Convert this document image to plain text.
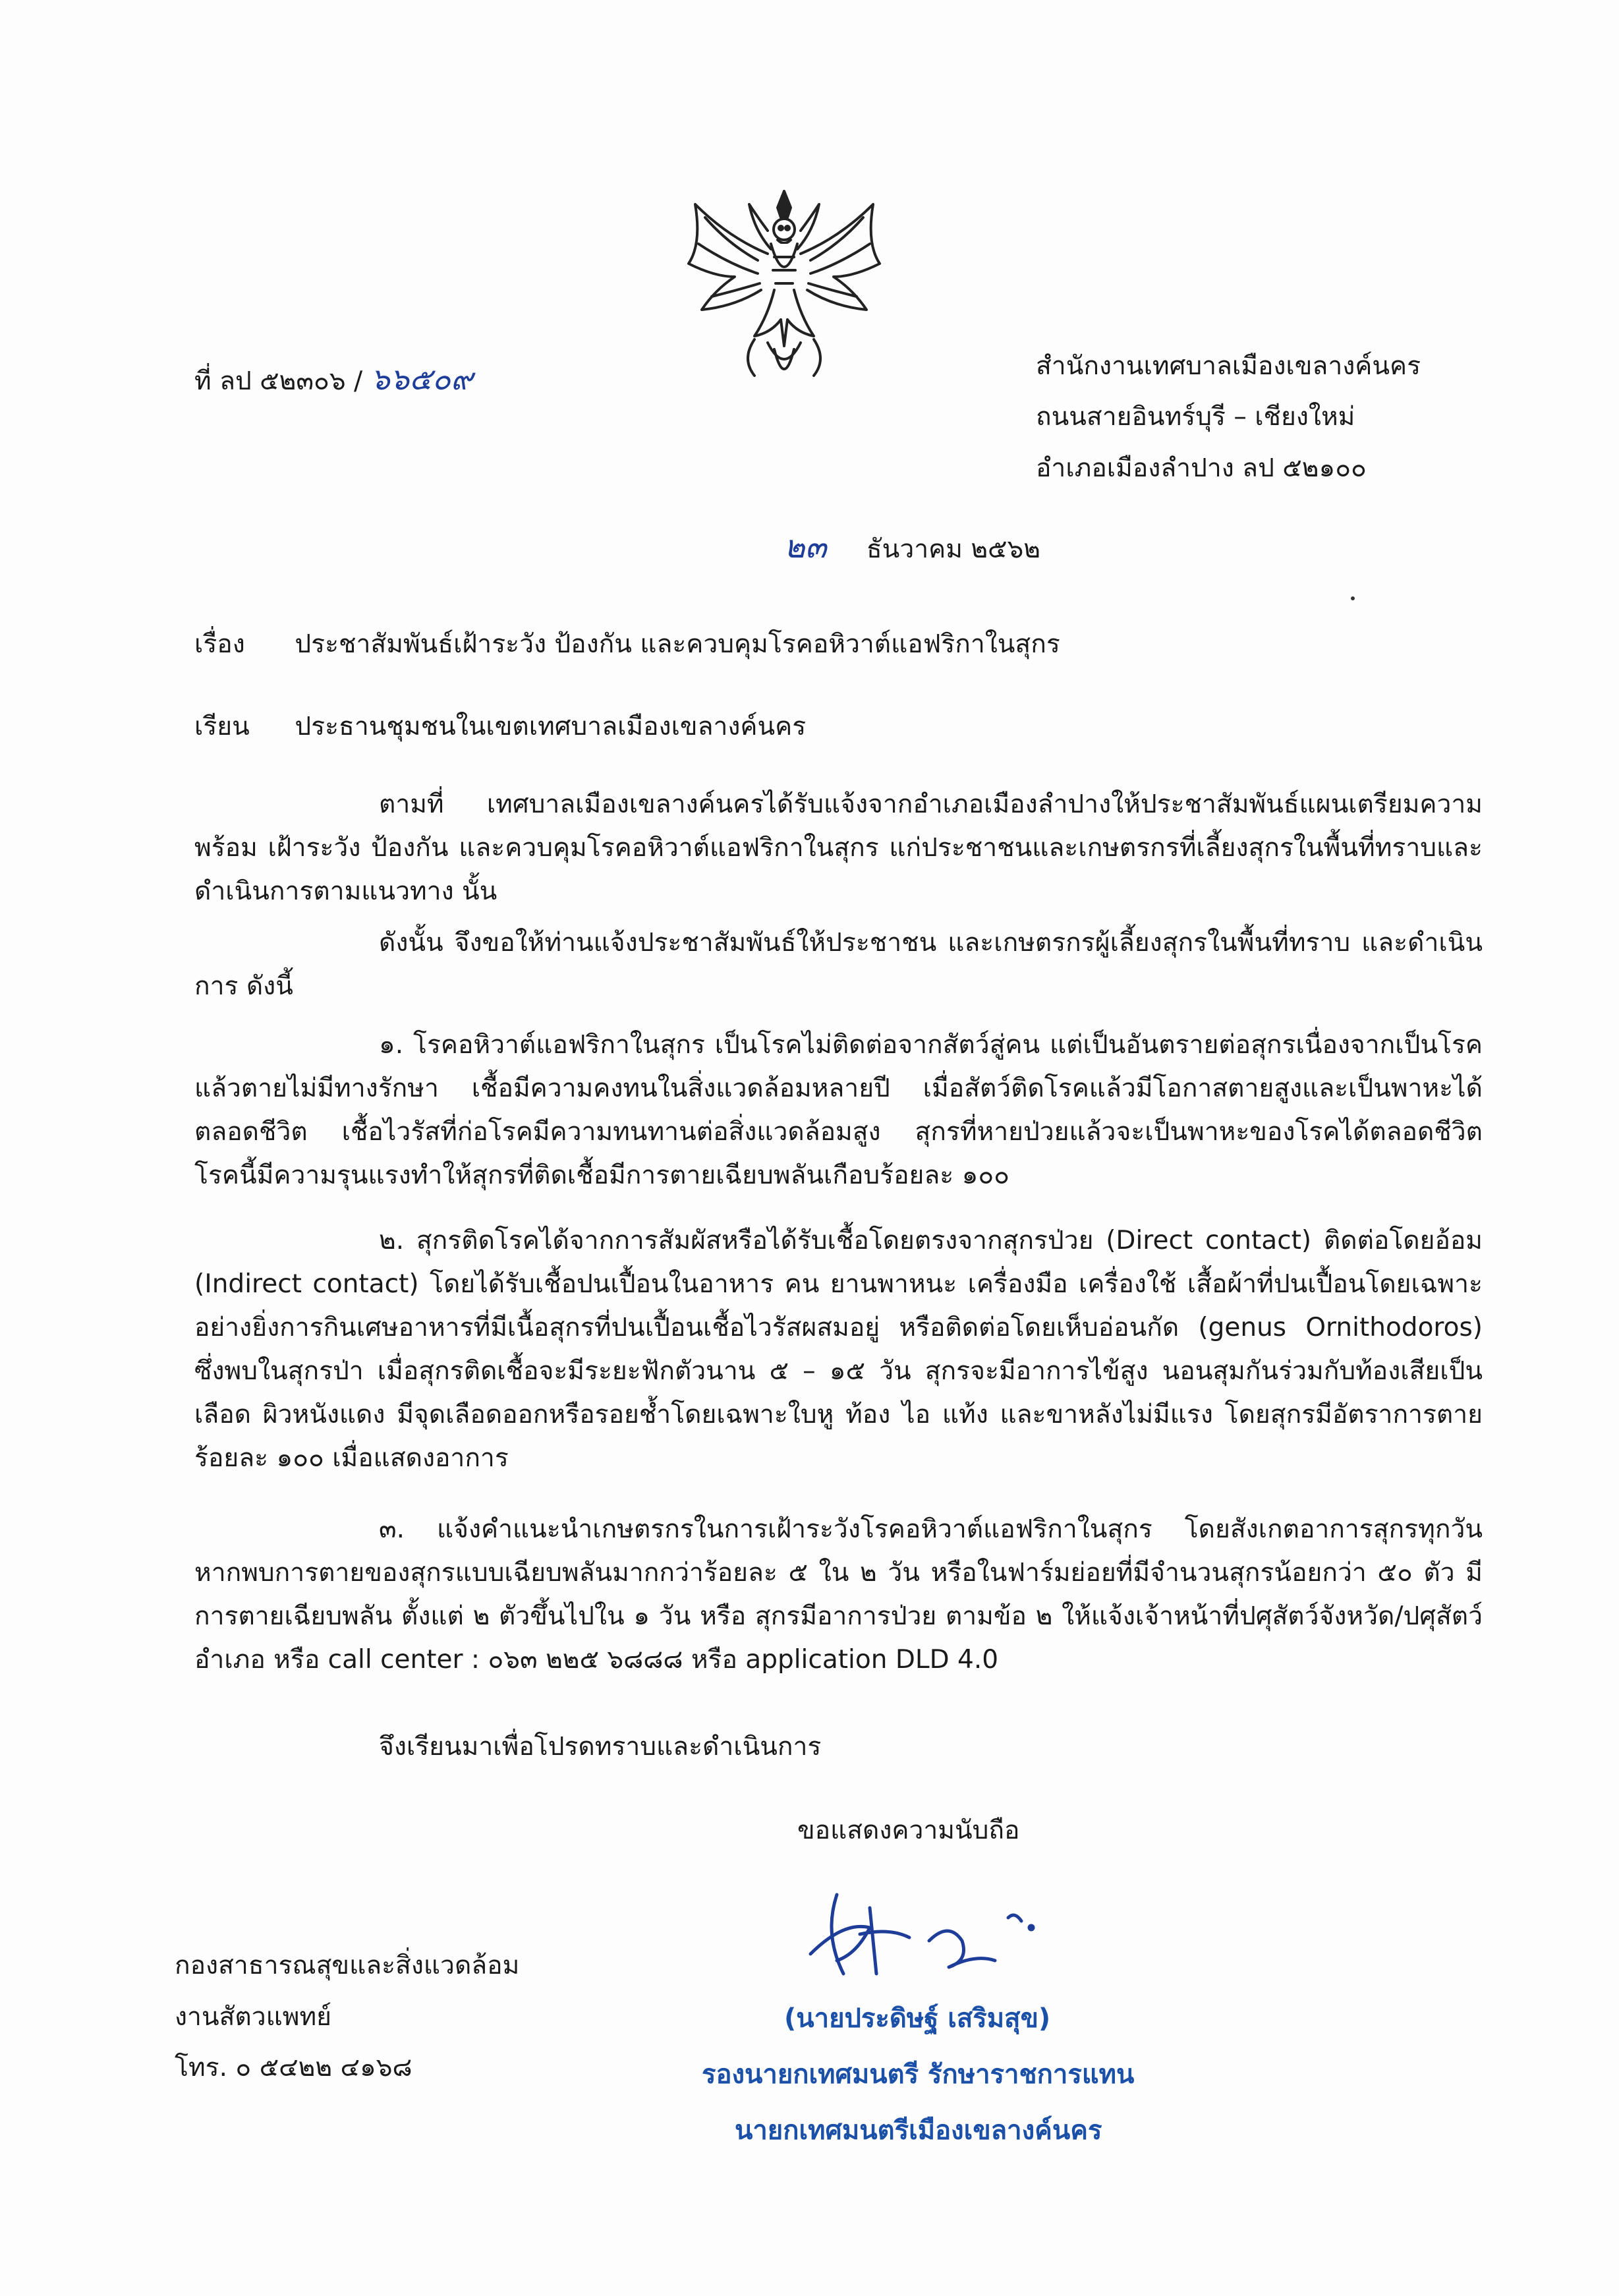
ที่ ลป ๕๒๓๐๖ / ๖๖๕๐๙	สำนักงานเทศบาลเมืองเขลางค์นคร
ถนนสายอินทร์บุรี – เชียงใหม่
อำเภอเมืองลำปาง ลป ๕๒๑๐๐
๒๓ ธันวาคม ๒๕๖๒
เรื่อง ประชาสัมพันธ์เฝ้าระวัง ป้องกัน และควบคุมโรคอหิวาต์แอฟริกาในสุกร
เรียน ประธานชุมชนในเขตเทศบาลเมืองเขลางค์นคร

ตามที่ เทศบาลเมืองเขลางค์นครได้รับแจ้งจากอำเภอเมืองลำปางให้ประชาสัมพันธ์แผนเตรียมความพร้อม เฝ้าระวัง ป้องกัน และควบคุมโรคอหิวาต์แอฟริกาในสุกร แก่ประชาชนและเกษตรกรที่เลี้ยงสุกรในพื้นที่ทราบและดำเนินการตามแนวทาง นั้น

ดังนั้น จึงขอให้ท่านแจ้งประชาสัมพันธ์ให้ประชาชน และเกษตรกรผู้เลี้ยงสุกรในพื้นที่ทราบ และดำเนินการ ดังนี้

๑. โรคอหิวาต์แอฟริกาในสุกร เป็นโรคไม่ติดต่อจากสัตว์สู่คน แต่เป็นอันตรายต่อสุกรเนื่องจากเป็นโรคแล้วตายไม่มีทางรักษา เชื้อมีความคงทนในสิ่งแวดล้อมหลายปี เมื่อสัตว์ติดโรคแล้วมีโอกาสตายสูงและเป็นพาหะได้ตลอดชีวิต เชื้อไวรัสที่ก่อโรคมีความทนทานต่อสิ่งแวดล้อมสูง สุกรที่หายป่วยแล้วจะเป็นพาหะของโรคได้ตลอดชีวิต โรคนี้มีความรุนแรงทำให้สุกรที่ติดเชื้อมีการตายเฉียบพลันเกือบร้อยละ ๑๐๐

๒. สุกรติดโรคได้จากการสัมผัสหรือได้รับเชื้อโดยตรงจากสุกรป่วย (Direct contact) ติดต่อโดยอ้อม (Indirect contact) โดยได้รับเชื้อปนเปื้อนในอาหาร คน ยานพาหนะ เครื่องมือ เครื่องใช้ เสื้อผ้าที่ปนเปื้อนโดยเฉพาะอย่างยิ่งการกินเศษอาหารที่มีเนื้อสุกรที่ปนเปื้อนเชื้อไวรัสผสมอยู่ หรือติดต่อโดยเห็บอ่อนกัด (genus Ornithodoros) ซึ่งพบในสุกรป่า เมื่อสุกรติดเชื้อจะมีระยะฟักตัวนาน ๕ – ๑๕ วัน สุกรจะมีอาการไข้สูง นอนสุมกันร่วมกับท้องเสียเป็นเลือด ผิวหนังแดง มีจุดเลือดออกหรือรอยช้ำโดยเฉพาะใบหู ท้อง ไอ แท้ง และขาหลังไม่มีแรง โดยสุกรมีอัตราการตายร้อยละ ๑๐๐ เมื่อแสดงอาการ

๓. แจ้งคำแนะนำเกษตรกรในการเฝ้าระวังโรคอหิวาต์แอฟริกาในสุกร โดยสังเกตอาการสุกรทุกวัน หากพบการตายของสุกรแบบเฉียบพลันมากกว่าร้อยละ ๕ ใน ๒ วัน หรือในฟาร์มย่อยที่มีจำนวนสุกรน้อยกว่า ๕๐ ตัว มีการตายเฉียบพลัน ตั้งแต่ ๒ ตัวขึ้นไปใน ๑ วัน หรือ สุกรมีอาการป่วย ตามข้อ ๒ ให้แจ้งเจ้าหน้าที่ปศุสัตว์จังหวัด/ปศุสัตว์อำเภอ หรือ call center : ๐๖๓ ๒๒๕ ๖๘๘๘ หรือ application DLD 4.0

จึงเรียนมาเพื่อโปรดทราบและดำเนินการ
ขอแสดงความนับถือ
กองสาธารณสุขและสิ่งแวดล้อม
งานสัตวแพทย์
โทร. ๐ ๕๔๒๒ ๔๑๖๘
(นายประดิษฐ์ เสริมสุข)
รองนายกเทศมนตรี รักษาราชการแทน
นายกเทศมนตรีเมืองเขลางค์นคร
